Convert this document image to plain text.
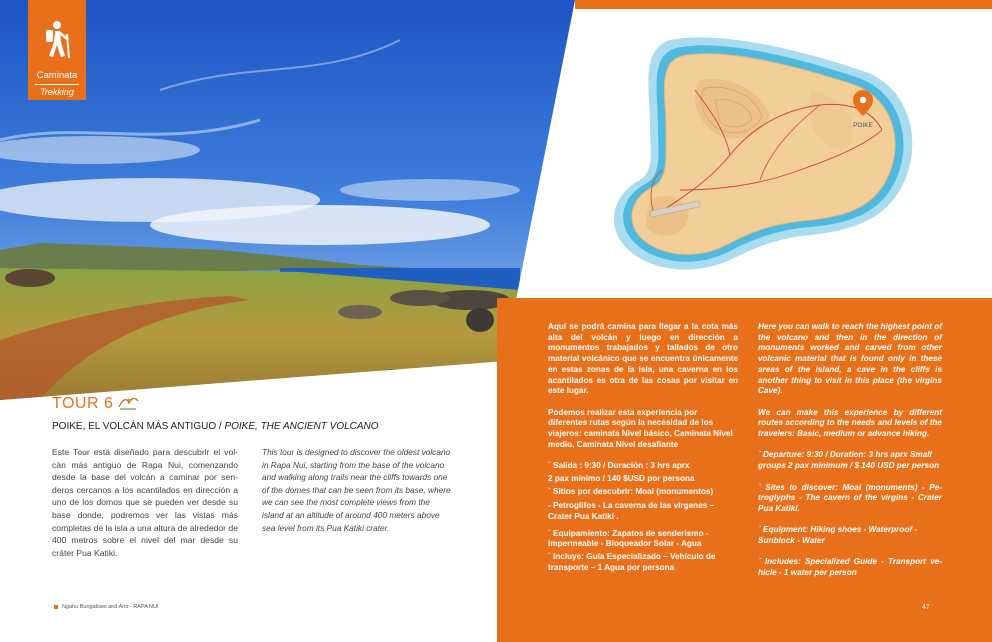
Caminata
Trekking
TOUR 6
POIKE, EL VOLCÁN MÁS ANTIGUO / POIKE, THE ANCIENT VOLCANO
Este Tour está diseñado para descubrir el vol- cán más antiguo de Rapa Nui, comenzando desde la base del volcán a caminar por sen- deros cercanos a los acantilados en dirección a uno de los domos que se pueden ver desde su base donde, podremos ver las vistas más completas de la isla a una altura de alrededor de 400 metros sobre el nivel del mar desde su cráter Pua Katiki.
This tour is designed to discover the oldest volcano in Rapa Nui, starting from the base of the volcano and walking along trails near the cliffs towards one of the domes that can be seen from its base, where we can see the most complete views from the island at an altitude of around 400 meters above sea level from its Pua Katiki crater.
Ngahu Bungalows and Arts - RAPA NUI
POIKE

Aquí se podrá camina para llegar a la cota más alta del volcán y luego en dirección a monumentos trabajados y tallados de otro material volcánico que se encuentra únicamente en estas zonas de la isla, una caverna en los acantilados es otra de las cosas por visitar en este lugar.

Podemos realizar esta experiencia por diferentes rutas según la necesidad de los viajeros: caminata Nivel básico, Caminata Nivel medio, Caminata Nivel desafiante

` Salida : 9:30 / Duración : 3 hrs aprx

2 pax mínimo / 140 $USD por persona

` Sitios por descubrir: Moai (monumentos)

- Petroglifos - La caverna de las vírgenes – Crater Pua Katiki .

` Equipamiento: Zapatos de senderismo - Impermeable - Bloqueador Solar - Agua

` Incluye: Guía Especializado – Vehículo de transporte – 1 Agua por persona

Here you can walk to reach the highest point of the volcano and then in the direction of monuments worked and carved from other volcanic material that is found only in these areas of the island, a cave in the cliffs is another thing to visit in this place (the virgins Cave).

We can make this experience by different routes according to the needs and levels of the travelers: Basic, medium or advance hiking.

` Departure: 9:30 / Duration: 3 hrs aprx Small groups 2 pax minimum / $ 140 USD per person

` Sites to discover: Moai (monuments) - Pe- troglyphs - The cavern of the virgins - Crater Pua Katiki.

` Equipment: Hiking shoes - Waterproof - Sunblock - Water

` Includes: Specialized Guide - Transport ve- hicle - 1 water per person

47
